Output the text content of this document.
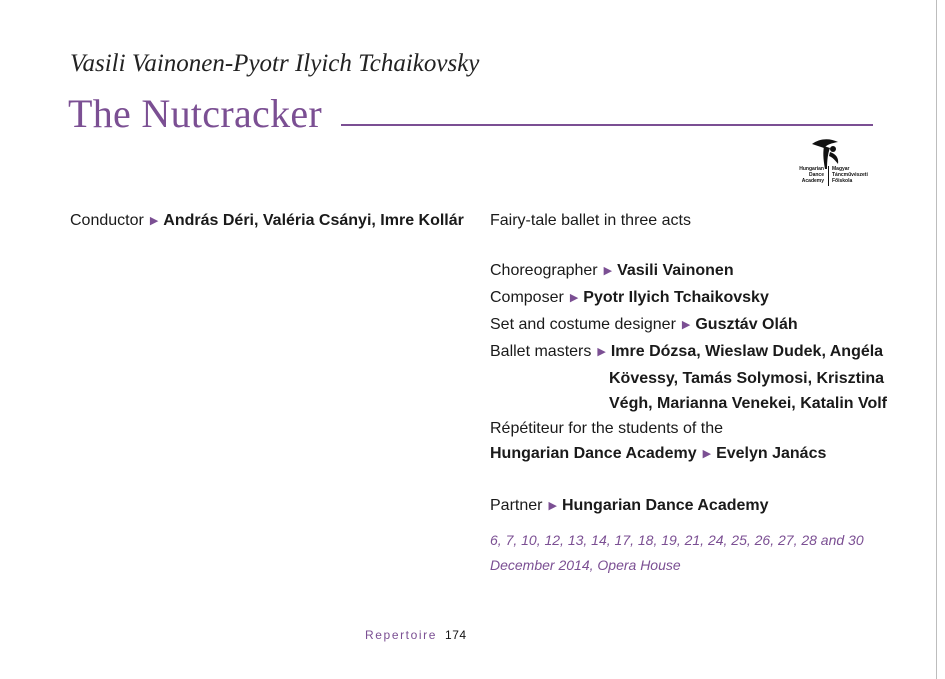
Vasili Vainonen-Pyotr Ilyich Tchaikovsky
The Nutcracker
Hungarian
Dance
Academy
Magyar
Táncművészeti
Főiskola
Conductor ▶ András Déri, Valéria Csányi, Imre Kollár Fairy-tale ballet in three acts
Choreographer ▶ Vasili Vainonen
Composer ▶ Pyotr Ilyich Tchaikovsky
Set and costume designer ▶ Gusztáv Oláh
Ballet masters ▶ Imre Dózsa, Wieslaw Dudek, Angéla
Kövessy, Tamás Solymosi, Krisztina
Végh, Marianna Venekei, Katalin Volf
Répétiteur for the students of the
Hungarian Dance Academy ▶ Evelyn Janács
Partner ▶ Hungarian Dance Academy
6, 7, 10, 12, 13, 14, 17, 18, 19, 21, 24, 25, 26, 27, 28 and 30
December 2014, Opera House
Repertoire 174
